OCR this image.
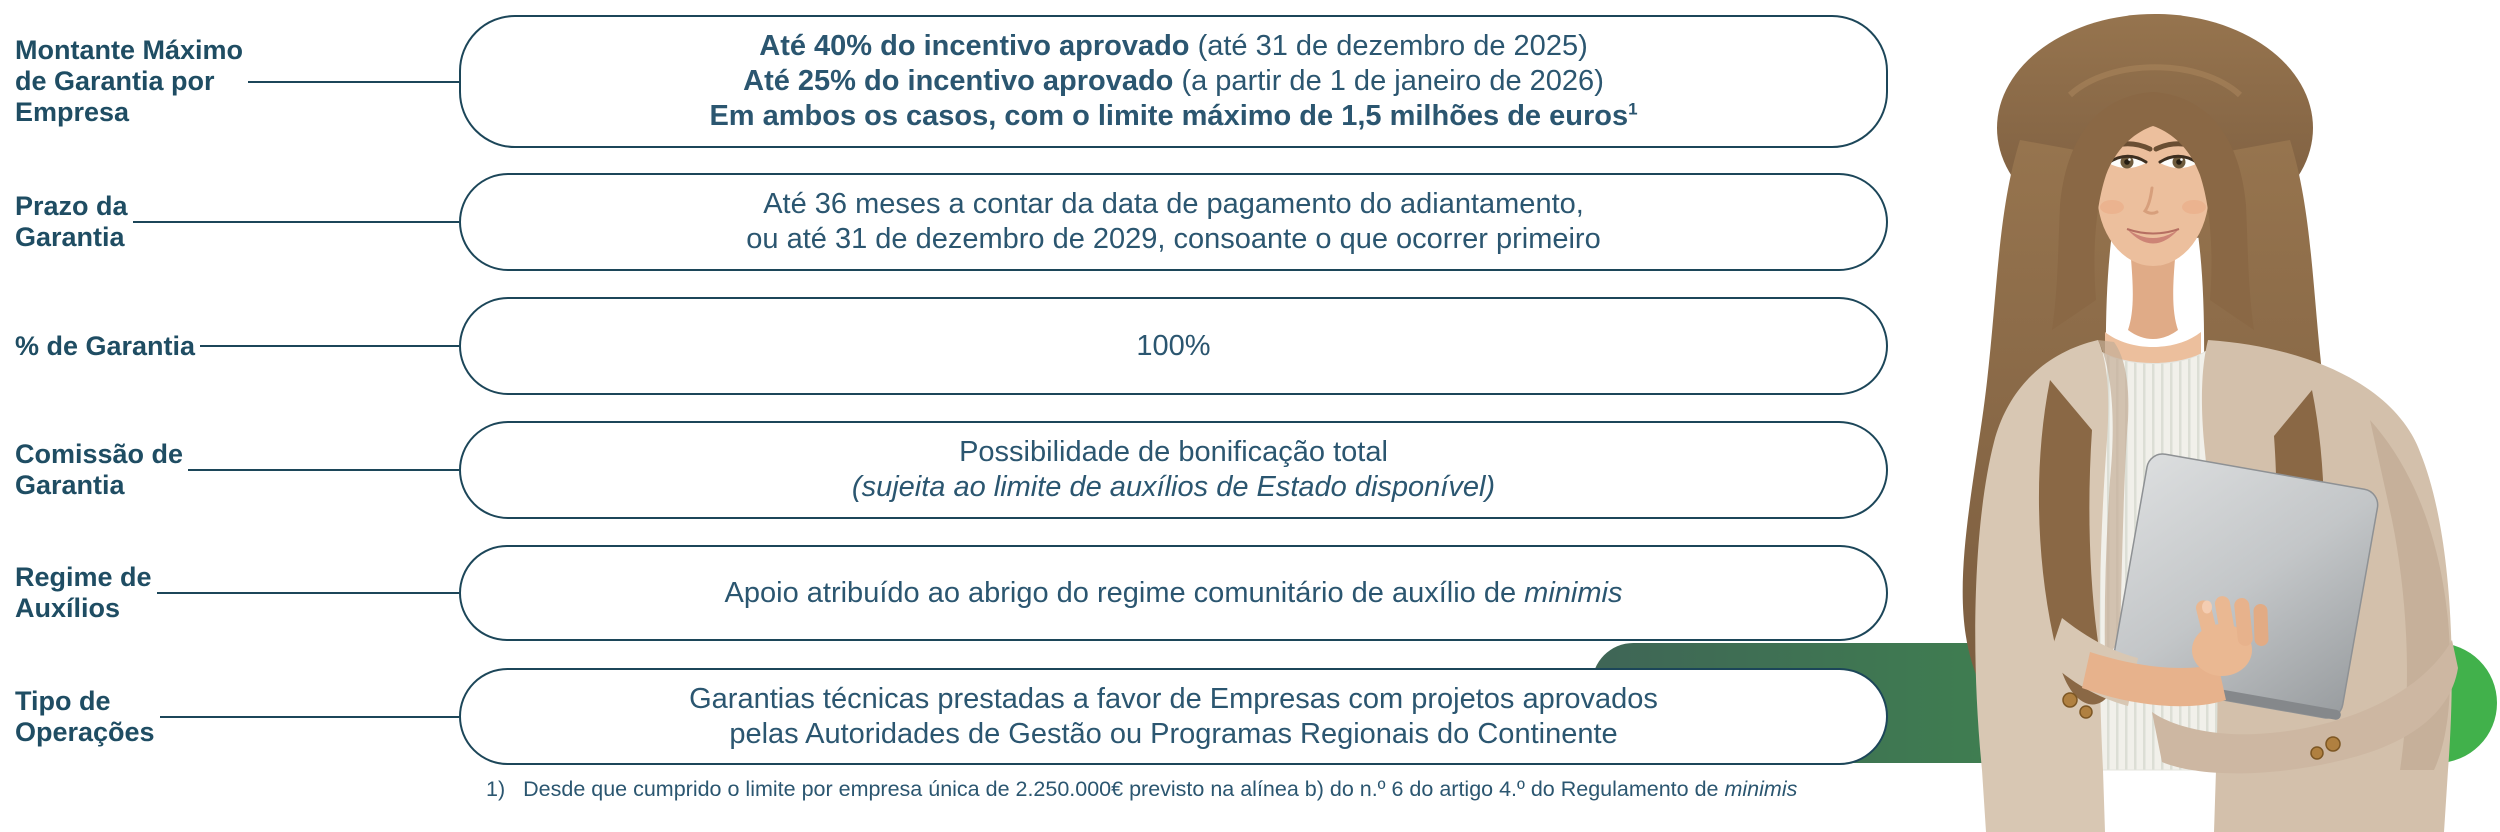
Montante Máximo
de Garantia por
Empresa
Até 40% do incentivo aprovado (até 31 de dezembro de 2025)
Até 25% do incentivo aprovado (a partir de 1 de janeiro de 2026)
Em ambos os casos, com o limite máximo de 1,5 milhões de euros$^1$
Prazo da
Garantia
Até 36 meses a contar da data de pagamento do adiantamento,
ou até 31 de dezembro de 2029, consoante o que ocorrer primeiro
% de Garantia	100%
Comissão de
Garantia
Possibilidade de bonificação total
(sujeita ao limite de auxílios de Estado disponível)
Regime de
Auxílios	Apoio atribuído ao abrigo do regime comunitário de auxílio de minimis
Tipo de
Operações
Garantias técnicas prestadas a favor de Empresas com projetos aprovados
pelas Autoridades de Gestão ou Programas Regionais do Continente
1) Desde que cumprido o limite por empresa única de 2.250.000€ previsto na alínea b) do n.º 6 do artigo 4.º do Regulamento de minimis
